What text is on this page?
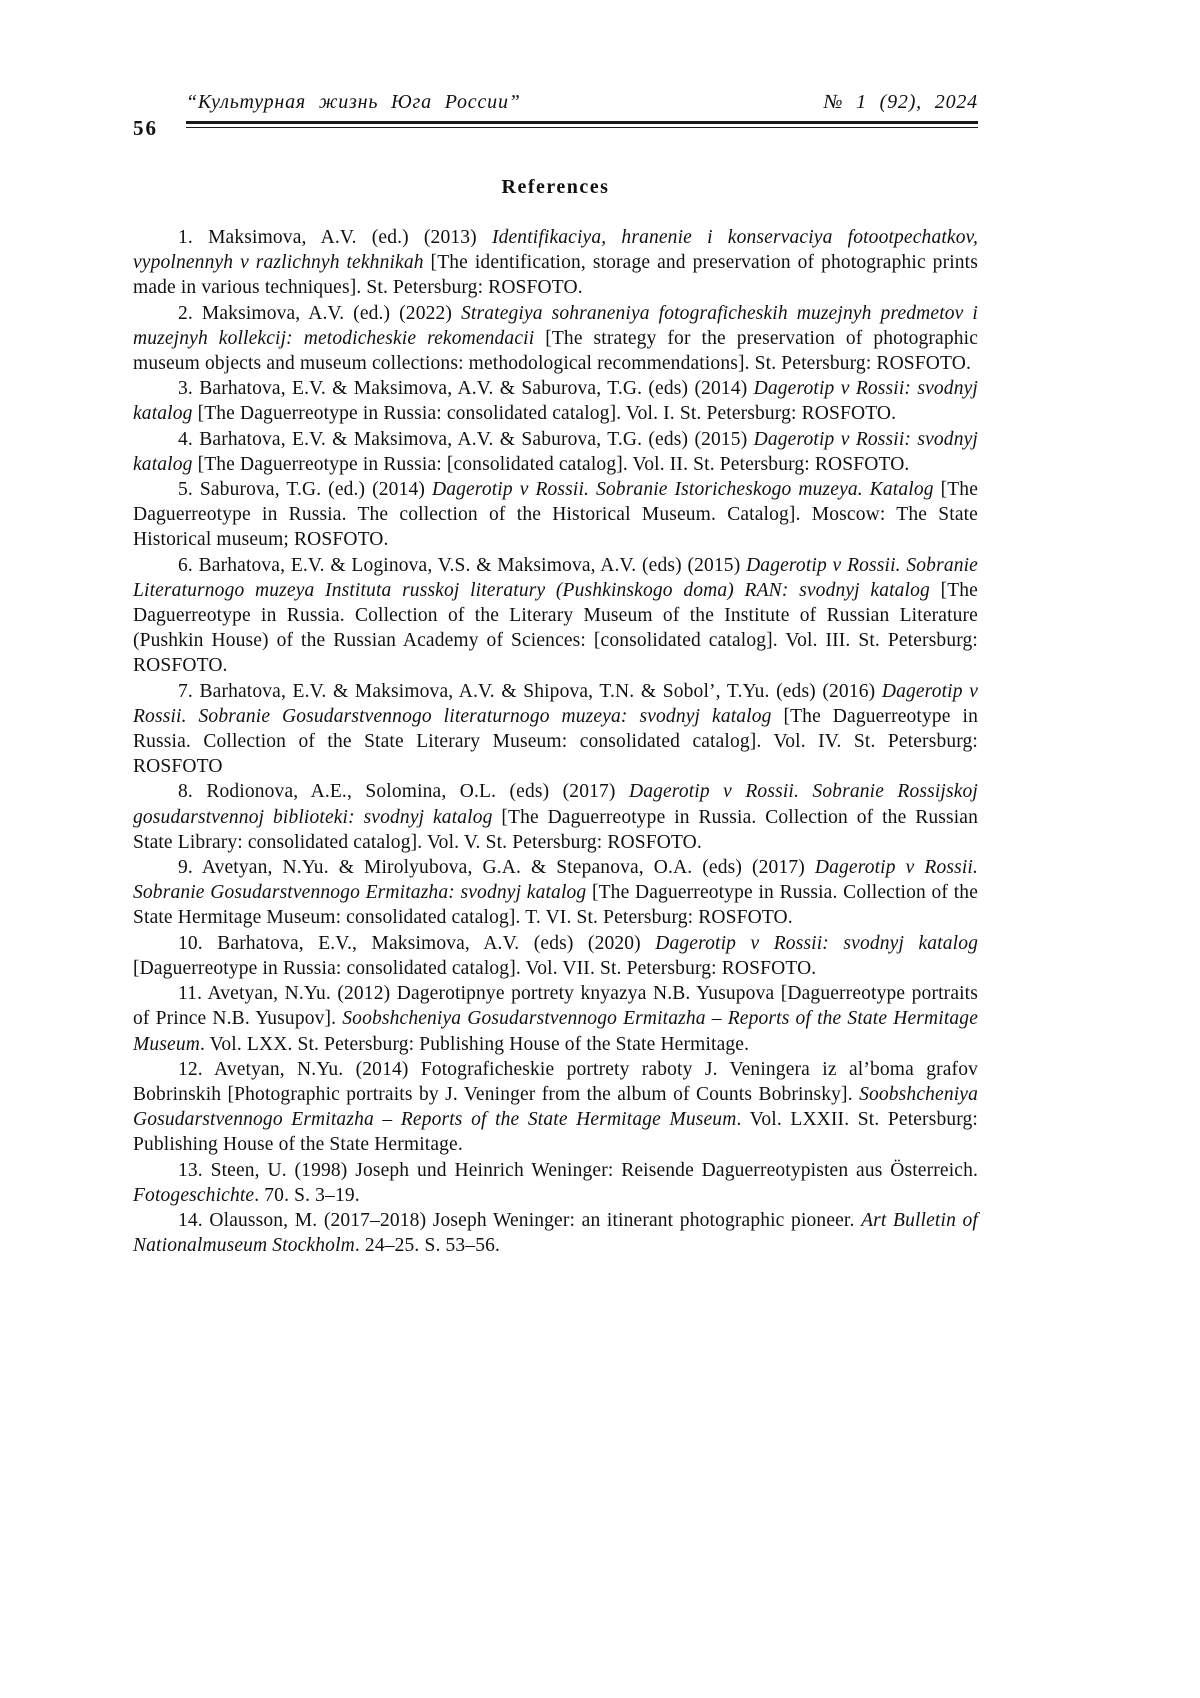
“Культурная жизнь Юга России”	№ 1 (92), 2024
56
References

1. Maksimova, A.V. (ed.) (2013) Identifikaciya, hranenie i konservaciya fotootpechatkov, vypolnennyh v razlichnyh tekhnikah [The identification, storage and preservation of photographic prints made in various techniques]. St. Petersburg: ROSFOTO.

2. Maksimova, A.V. (ed.) (2022) Strategiya sohraneniya fotograficheskih muzejnyh predmetov i muzejnyh kollekcij: metodicheskie rekomendacii [The strategy for the preservation of photographic museum objects and museum collections: methodological recommendations]. St. Petersburg: ROSFOTO.

3. Barhatova, E.V. & Maksimova, A.V. & Saburova, T.G. (eds) (2014) Dagerotip v Rossii: svodnyj katalog [The Daguerreotype in Russia: consolidated catalog]. Vol. I. St. Petersburg: ROSFOTO.

4. Barhatova, E.V. & Maksimova, A.V. & Saburova, T.G. (eds) (2015) Dagerotip v Rossii: svodnyj katalog [The Daguerreotype in Russia: [consolidated catalog]. Vol. II. St. Petersburg: ROSFOTO.

5. Saburova, T.G. (ed.) (2014) Dagerotip v Rossii. Sobranie Istoricheskogo muzeya. Katalog [The Daguerreotype in Russia. The collection of the Historical Museum. Catalog]. Moscow: The State Historical museum; ROSFOTO.

6. Barhatova, E.V. & Loginova, V.S. & Maksimova, A.V. (eds) (2015) Dagerotip v Rossii. Sobranie Literaturnogo muzeya Instituta russkoj literatury (Pushkinskogo doma) RAN: svodnyj katalog [The Daguerreotype in Russia. Collection of the Literary Museum of the Institute of Russian Literature (Pushkin House) of the Russian Academy of Sciences: [consolidated catalog]. Vol. III. St. Petersburg: ROSFOTO.

7. Barhatova, E.V. & Maksimova, A.V. & Shipova, T.N. & Sobol’, T.Yu. (eds) (2016) Dagerotip v Rossii. Sobranie Gosudarstvennogo literaturnogo muzeya: svodnyj katalog [The Daguerreotype in Russia. Collection of the State Literary Museum: consolidated catalog]. Vol. IV. St. Petersburg: ROSFOTO

8. Rodionova, A.E., Solomina, O.L. (eds) (2017) Dagerotip v Rossii. Sobranie Rossijskoj gosudarstvennoj biblioteki: svodnyj katalog [The Daguerreotype in Russia. Collection of the Russian State Library: consolidated catalog]. Vol. V. St. Petersburg: ROSFOTO.

9. Avetyan, N.Yu. & Mirolyubova, G.A. & Stepanova, O.A. (eds) (2017) Dagerotip v Rossii. Sobranie Gosudarstvennogo Ermitazha: svodnyj katalog [The Daguerreotype in Russia. Collection of the State Hermitage Museum: consolidated catalog]. T. VI. St. Petersburg: ROSFOTO.

10. Barhatova, E.V., Maksimova, A.V. (eds) (2020) Dagerotip v Rossii: svodnyj katalog [Daguerreotype in Russia: consolidated catalog]. Vol. VII. St. Petersburg: ROSFOTO.

11. Avetyan, N.Yu. (2012) Dagerotipnye portrety knyazya N.B. Yusupova [Daguerreotype portraits of Prince N.B. Yusupov]. Soobshcheniya Gosudarstvennogo Ermitazha – Reports of the State Hermitage Museum. Vol. LXX. St. Petersburg: Publishing House of the State Hermitage.

12. Avetyan, N.Yu. (2014) Fotograficheskie portrety raboty J. Veningera iz al’boma grafov Bobrinskih [Photographic portraits by J. Veninger from the album of Counts Bobrinsky]. Soobshcheniya Gosudarstvennogo Ermitazha – Reports of the State Hermitage Museum. Vol. LXXII. St. Petersburg: Publishing House of the State Hermitage.

13. Steen, U. (1998) Joseph und Heinrich Weninger: Reisende Daguerreotypisten aus Österreich. Fotogeschichte. 70. S. 3–19.

14. Olausson, M. (2017–2018) Joseph Weninger: an itinerant photographic pioneer. Art Bulletin of Nationalmuseum Stockholm. 24–25. S. 53–56.
